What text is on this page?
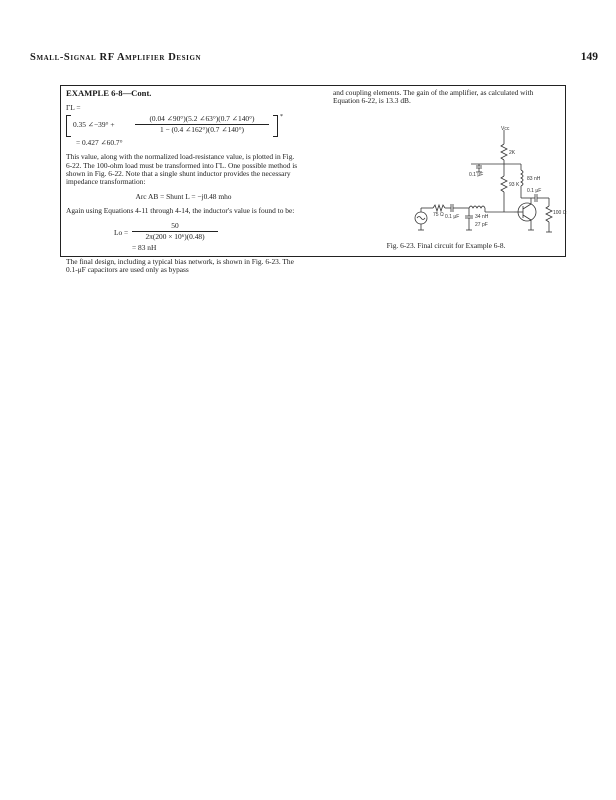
Small-Signal RF Amplifier Design	149
EXAMPLE 6-8—Cont.
ΓL =
0.35 ∠−39° +	$\frac{(0.04 \angle 90^\circ)(5.2 \angle 63^\circ)(0.7 \angle 140^\circ)}{1 - (0.4 \angle 162^\circ)(0.7 \angle 140^\circ)}$ *
= 0.427 ∠60.7°

This value, along with the normalized load-resistance value, is plotted in Fig. 6-22. The 100-ohm load must be transformed into ΓL. One possible method is shown in Fig. 6-22. Note that a single shunt inductor provides the necessary impedance transformation:

Arc AB = Shunt L = −j0.48 mho

Again using Equations 4-11 through 4-14, the inductor's value is found to be:

$Lo = \frac{50}{\text{2π(200 × 10⁶)(0.48)}}$
= 83 nH

The final design, including a typical bias network, is shown in Fig. 6-23. The 0.1-μF capacitors are used only as bypass

and coupling elements. The gain of the amplifier, as calculated with Equation 6-22, is 13.3 dB.

Vcc
2K
0.1 μF
83 nH
93 K
0.1 μF
100 Ω
75 Ω 0.1 μF	34 nH
27 pF
Fig. 6-23. Final circuit for Example 6-8.
